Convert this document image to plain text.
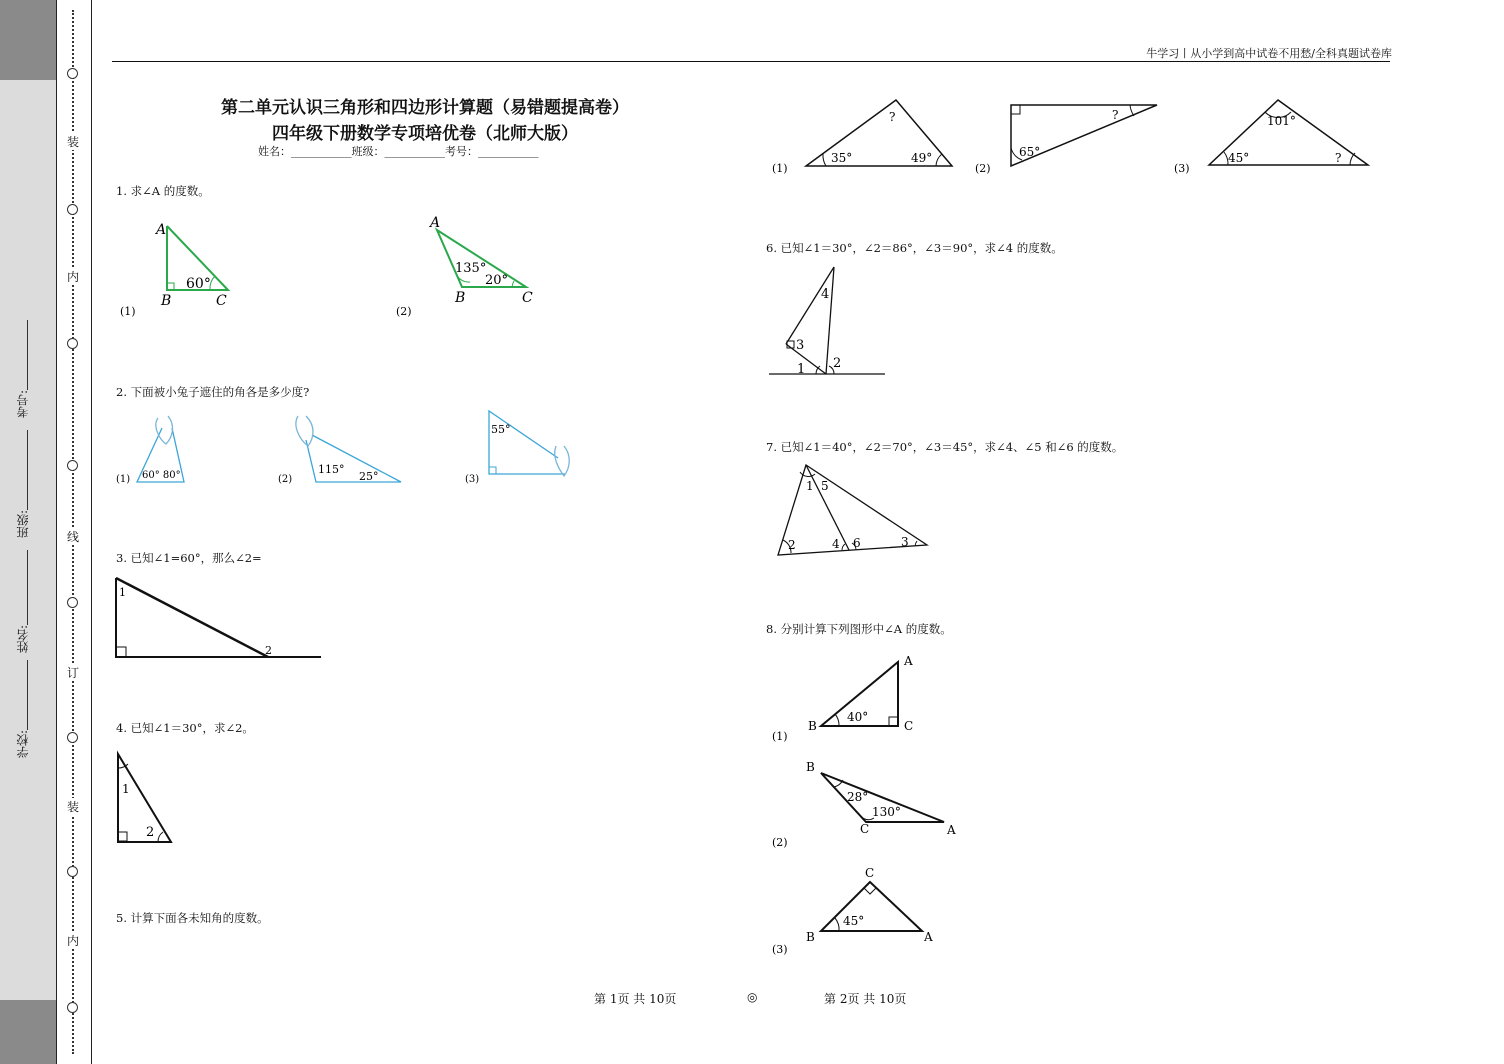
考号:
班级:
姓名:
学校:
装
内
订
线
装
内
牛学习丨从小学到高中试卷不用愁/全科真题试卷库
第二单元认识三角形和四边形计算题（易错题提高卷）
四年级下册数学专项培优卷（北师大版）
姓名：___________班级：___________考号：___________
1. 求∠A 的度数。
2. 下面被小兔子遮住的角各是多少度?
3. 已知∠1=60°，那么∠2=
4. 已知∠1＝30°，求∠2。
5. 计算下面各未知角的度数。
6. 已知∠1＝30°，∠2＝86°，∠3＝90°，求∠4 的度数。
7. 已知∠1＝40°，∠2＝70°，∠3＝45°，求∠4、∠5 和∠6 的度数。
8. 分别计算下列图形中∠A 的度数。
A
B	C
60°
(1)
A
B	C
135°
20°
(2)
60° 80°
(1)
115°
25°
(2)
55°
(3)
1
2
1
2
?
35°	49°
(1)
?
65°
(2)
101°
45°	?
(3)
4
3
1 2
1 5
2	4 6	3
A
B	C
40°
(1)
B
C	A
28°
130°
(2)
C
B	A
45°
(3)
第 1页 共 10页	◎	第 2页 共 10页
